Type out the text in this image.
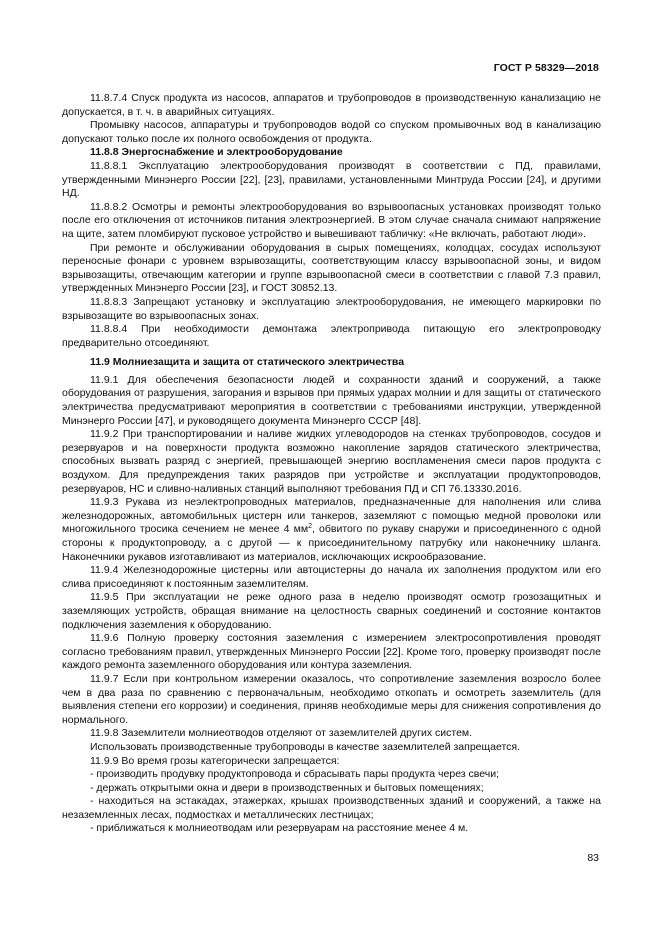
ГОСТ Р 58329—2018

11.8.7.4 Спуск продукта из насосов, аппаратов и трубопроводов в производственную канализацию не допускается, в т. ч. в аварийных ситуациях.

Промывку насосов, аппаратуры и трубопроводов водой со спуском промывочных вод в канализацию допускают только после их полного освобождения от продукта.

11.8.8 Энергоснабжение и электрооборудование

11.8.8.1 Эксплуатацию электрооборудования производят в соответствии с ПД, правилами, утвержденными Минэнерго России [22], [23], правилами, установленными Минтруда России [24], и другими НД.

11.8.8.2 Осмотры и ремонты электрооборудования во взрывоопасных установках производят только после его отключения от источников питания электроэнергией. В этом случае сначала снимают напряжение на щите, затем пломбируют пусковое устройство и вывешивают табличку: «Не включать, работают люди».

При ремонте и обслуживании оборудования в сырых помещениях, колодцах, сосудах используют переносные фонари с уровнем взрывозащиты, соответствующим классу взрывоопасной зоны, и видом взрывозащиты, отвечающим категории и группе взрывоопасной смеси в соответствии с главой 7.3 правил, утвержденных Минэнерго России [23], и ГОСТ 30852.13.

11.8.8.3 Запрещают установку и эксплуатацию электрооборудования, не имеющего маркировки по взрывозащите во взрывоопасных зонах.

11.8.8.4 При необходимости демонтажа электропривода питающую его электропроводку предварительно отсоединяют.

11.9 Молниезащита и защита от статического электричества

11.9.1 Для обеспечения безопасности людей и сохранности зданий и сооружений, а также оборудования от разрушения, загорания и взрывов при прямых ударах молнии и для защиты от статического электричества предусматривают мероприятия в соответствии с требованиями инструкции, утвержденной Минэнерго России [47], и руководящего документа Минэнерго СССР [48].

11.9.2 При транспортировании и наливе жидких углеводородов на стенках трубопроводов, сосудов и резервуаров и на поверхности продукта возможно накопление зарядов статического электричества, способных вызвать разряд с энергией, превышающей энергию воспламенения смеси паров продукта с воздухом. Для предупреждения таких разрядов при устройстве и эксплуатации продуктопроводов, резервуаров, НС и сливно-наливных станций выполняют требования ПД и СП 76.13330.2016.

11.9.3 Рукава из неэлектропроводных материалов, предназначенные для наполнения или слива железнодорожных, автомобильных цистерн или танкеров, заземляют с помощью медной проволоки или многожильного тросика сечением не менее 4 $мм^2$, обвитого по рукаву снаружи и присоединенного с одной стороны к продуктопроводу, а с другой — к присоединительному патрубку или наконечнику шланга. Наконечники рукавов изготавливают из материалов, исключающих искрообразование.

11.9.4 Железнодорожные цистерны или автоцистерны до начала их заполнения продуктом или его слива присоединяют к постоянным заземлителям.

11.9.5 При эксплуатации не реже одного раза в неделю производят осмотр грозозащитных и заземляющих устройств, обращая внимание на целостность сварных соединений и состояние контактов подключения заземления к оборудованию.

11.9.6 Полную проверку состояния заземления с измерением электросопротивления проводят согласно требованиям правил, утвержденных Минэнерго России [22]. Кроме того, проверку производят после каждого ремонта заземленного оборудования или контура заземления.

11.9.7 Если при контрольном измерении оказалось, что сопротивление заземления возросло более чем в два раза по сравнению с первоначальным, необходимо откопать и осмотреть заземлитель (для выявления степени его коррозии) и соединения, приняв необходимые меры для снижения сопротивления до нормального.

11.9.8 Заземлители молниеотводов отделяют от заземлителей других систем.

Использовать производственные трубопроводы в качестве заземлителей запрещается.

11.9.9 Во время грозы категорически запрещается:

- производить продувку продуктопровода и сбрасывать пары продукта через свечи;

- держать открытыми окна и двери в производственных и бытовых помещениях;

- находиться на эстакадах, этажерках, крышах производственных зданий и сооружений, а также на незаземленных лесах, подмостках и металлических лестницах;

- приближаться к молниеотводам или резервуарам на расстояние менее 4 м.

83
